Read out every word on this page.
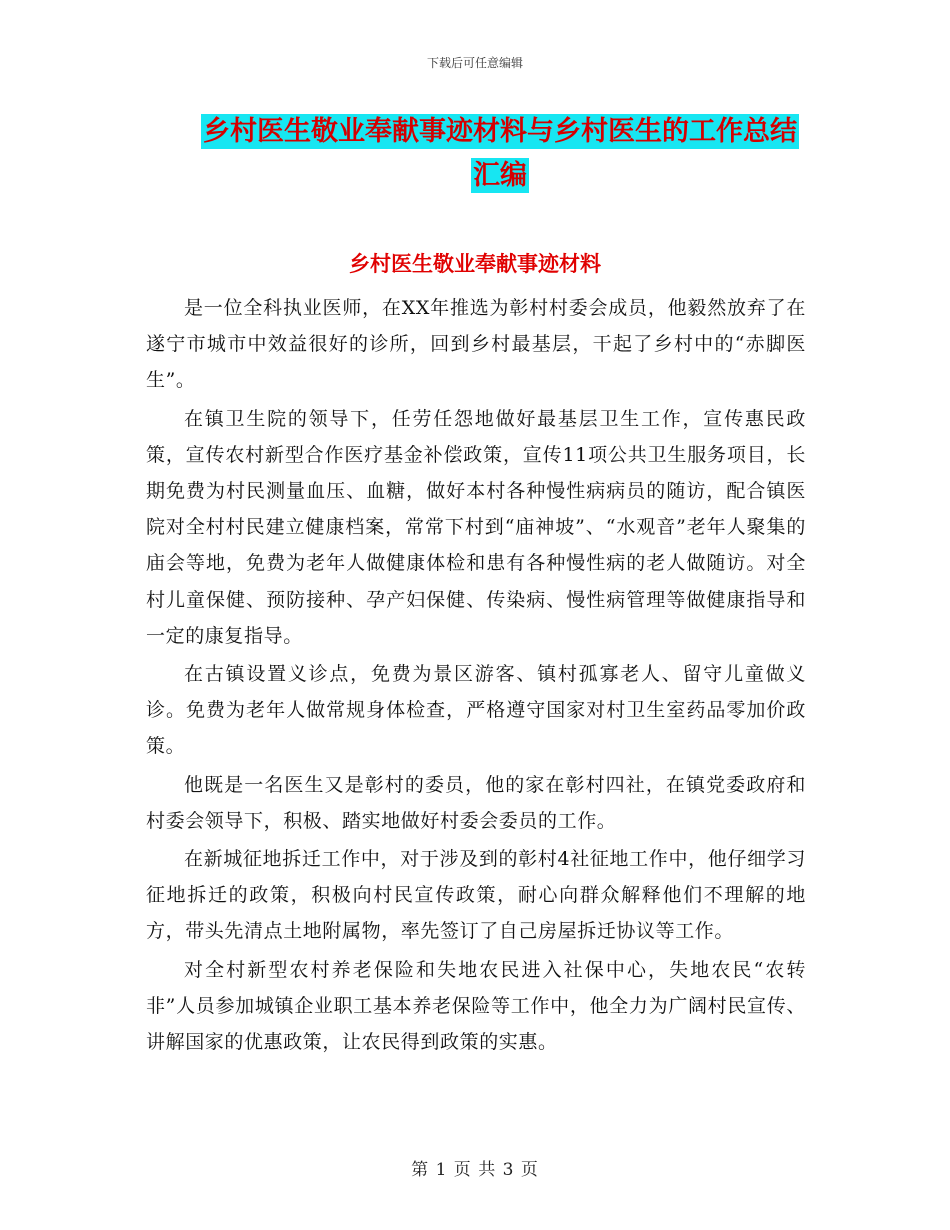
下载后可任意编辑
乡村医生敬业奉献事迹材料与乡村医生的工作总结汇编
乡村医生敬业奉献事迹材料

是一位全科执业医师，在XX年推选为彰村村委会成员，他毅然放弃了在遂宁市城市中效益很好的诊所，回到乡村最基层，干起了乡村中的“赤脚医生”。

在镇卫生院的领导下，任劳任怨地做好最基层卫生工作，宣传惠民政策，宣传农村新型合作医疗基金补偿政策，宣传11项公共卫生服务项目，长期免费为村民测量血压、血糖，做好本村各种慢性病病员的随访，配合镇医院对全村村民建立健康档案，常常下村到“庙神坡”、“水观音”老年人聚集的庙会等地，免费为老年人做健康体检和患有各种慢性病的老人做随访。对全村儿童保健、预防接种、孕产妇保健、传染病、慢性病管理等做健康指导和一定的康复指导。

在古镇设置义诊点，免费为景区游客、镇村孤寡老人、留守儿童做义诊。免费为老年人做常规身体检查，严格遵守国家对村卫生室药品零加价政策。

他既是一名医生又是彰村的委员，他的家在彰村四社，在镇党委政府和村委会领导下，积极、踏实地做好村委会委员的工作。

在新城征地拆迁工作中，对于涉及到的彰村4社征地工作中，他仔细学习征地拆迁的政策，积极向村民宣传政策，耐心向群众解释他们不理解的地方，带头先清点土地附属物，率先签订了自己房屋拆迁协议等工作。

对全村新型农村养老保险和失地农民进入社保中心，失地农民“农转非”人员参加城镇企业职工基本养老保险等工作中，他全力为广阔村民宣传、讲解国家的优惠政策，让农民得到政策的实惠。

第 1 页 共 3 页
